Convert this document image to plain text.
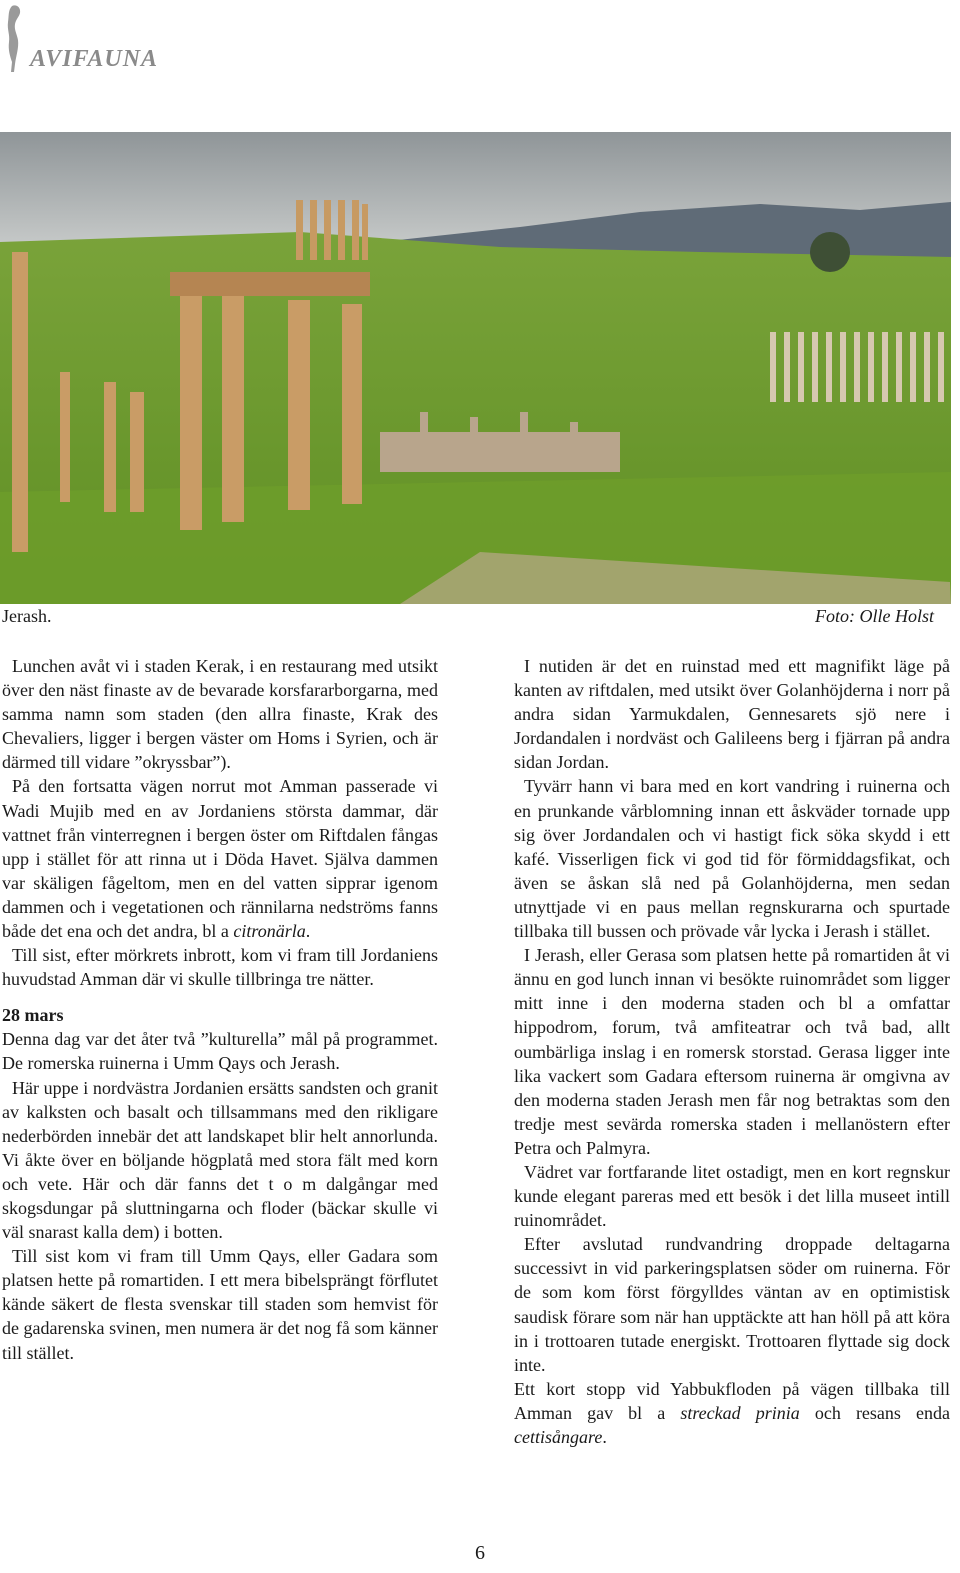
AVIFAUNA
Jerash.	Foto: Olle Holst

Lunchen avåt vi i staden Kerak, i en restaurang med utsikt över den näst finaste av de bevarade korsfararborgarna, med samma namn som staden (den allra finaste, Krak des Chevaliers, ligger i bergen väster om Homs i Syrien, och är därmed till vidare ”okryssbar”).

På den fortsatta vägen norrut mot Amman passerade vi Wadi Mujib med en av Jordaniens största dammar, där vattnet från vinterregnen i bergen öster om Riftdalen fångas upp i stället för att rinna ut i Döda Havet. Själva dammen var skäligen fågeltom, men en del vatten sipprar igenom dammen och i vegetationen och rännilarna nedströms fanns både det ena och det andra, bl a citronärla.

Till sist, efter mörkrets inbrott, kom vi fram till Jordaniens huvudstad Amman där vi skulle tillbringa tre nätter.

28 mars

Denna dag var det åter två ”kulturella” mål på programmet. De romerska ruinerna i Umm Qays och Jerash.

Här uppe i nordvästra Jordanien ersätts sandsten och granit av kalksten och basalt och tillsammans med den rikligare nederbörden innebär det att landskapet blir helt annorlunda. Vi åkte över en böljande högplatå med stora fält med korn och vete. Här och där fanns det t o m dalgångar med skogsdungar på sluttningarna och floder (bäckar skulle vi väl snarast kalla dem) i botten.

Till sist kom vi fram till Umm Qays, eller Gadara som platsen hette på romartiden. I ett mera bibelsprängt förflutet kände säkert de flesta svenskar till staden som hemvist för de gadarenska svinen, men numera är det nog få som känner till stället.

I nutiden är det en ruinstad med ett magnifikt läge på kanten av riftdalen, med utsikt över Golanhöjderna i norr på andra sidan Yarmukdalen, Gennesarets sjö nere i Jordandalen i nordväst och Galileens berg i fjärran på andra sidan Jordan.

Tyvärr hann vi bara med en kort vandring i ruinerna och en prunkande vårblomning innan ett åskväder tornade upp sig över Jordandalen och vi hastigt fick söka skydd i ett kafé. Visserligen fick vi god tid för förmiddagsfikat, och även se åskan slå ned på Golanhöjderna, men sedan utnyttjade vi en paus mellan regnskurarna och spurtade tillbaka till bussen och prövade vår lycka i Jerash i stället.

I Jerash, eller Gerasa som platsen hette på romartiden åt vi ännu en god lunch innan vi besökte ruinområdet som ligger mitt inne i den moderna staden och bl a omfattar hippodrom, forum, två amfiteatrar och två bad, allt oumbärliga inslag i en romersk storstad. Gerasa ligger inte lika vackert som Gadara eftersom ruinerna är omgivna av den moderna staden Jerash men får nog betraktas som den tredje mest sevärda romerska staden i mellanöstern efter Petra och Palmyra.

Vädret var fortfarande litet ostadigt, men en kort regnskur kunde elegant pareras med ett besök i det lilla museet intill ruinområdet.

Efter avslutad rundvandring droppade deltagarna successivt in vid parkeringsplatsen söder om ruinerna. För de som kom först förgylldes väntan av en optimistisk saudisk förare som när han upptäckte att han höll på att köra in i trottoaren tutade energiskt. Trottoaren flyttade sig dock inte.

Ett kort stopp vid Yabbukfloden på vägen tillbaka till Amman gav bl a streckad prinia och resans enda cettisångare.

6
